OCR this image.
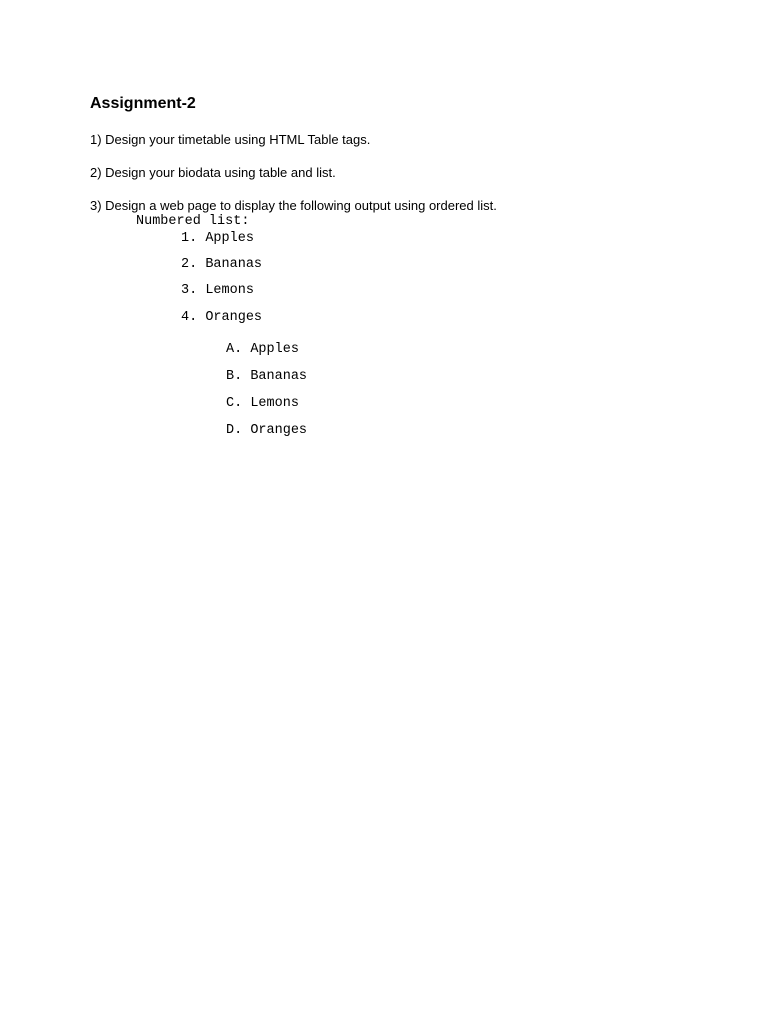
Assignment-2

1) Design your timetable using HTML Table tags.

2) Design your biodata using table and list.

3) Design a web page to display the following output using ordered list.

Numbered list:
1. Apples
2. Bananas
3. Lemons
4. Oranges
A. Apples
B. Bananas
C. Lemons
D. Oranges
